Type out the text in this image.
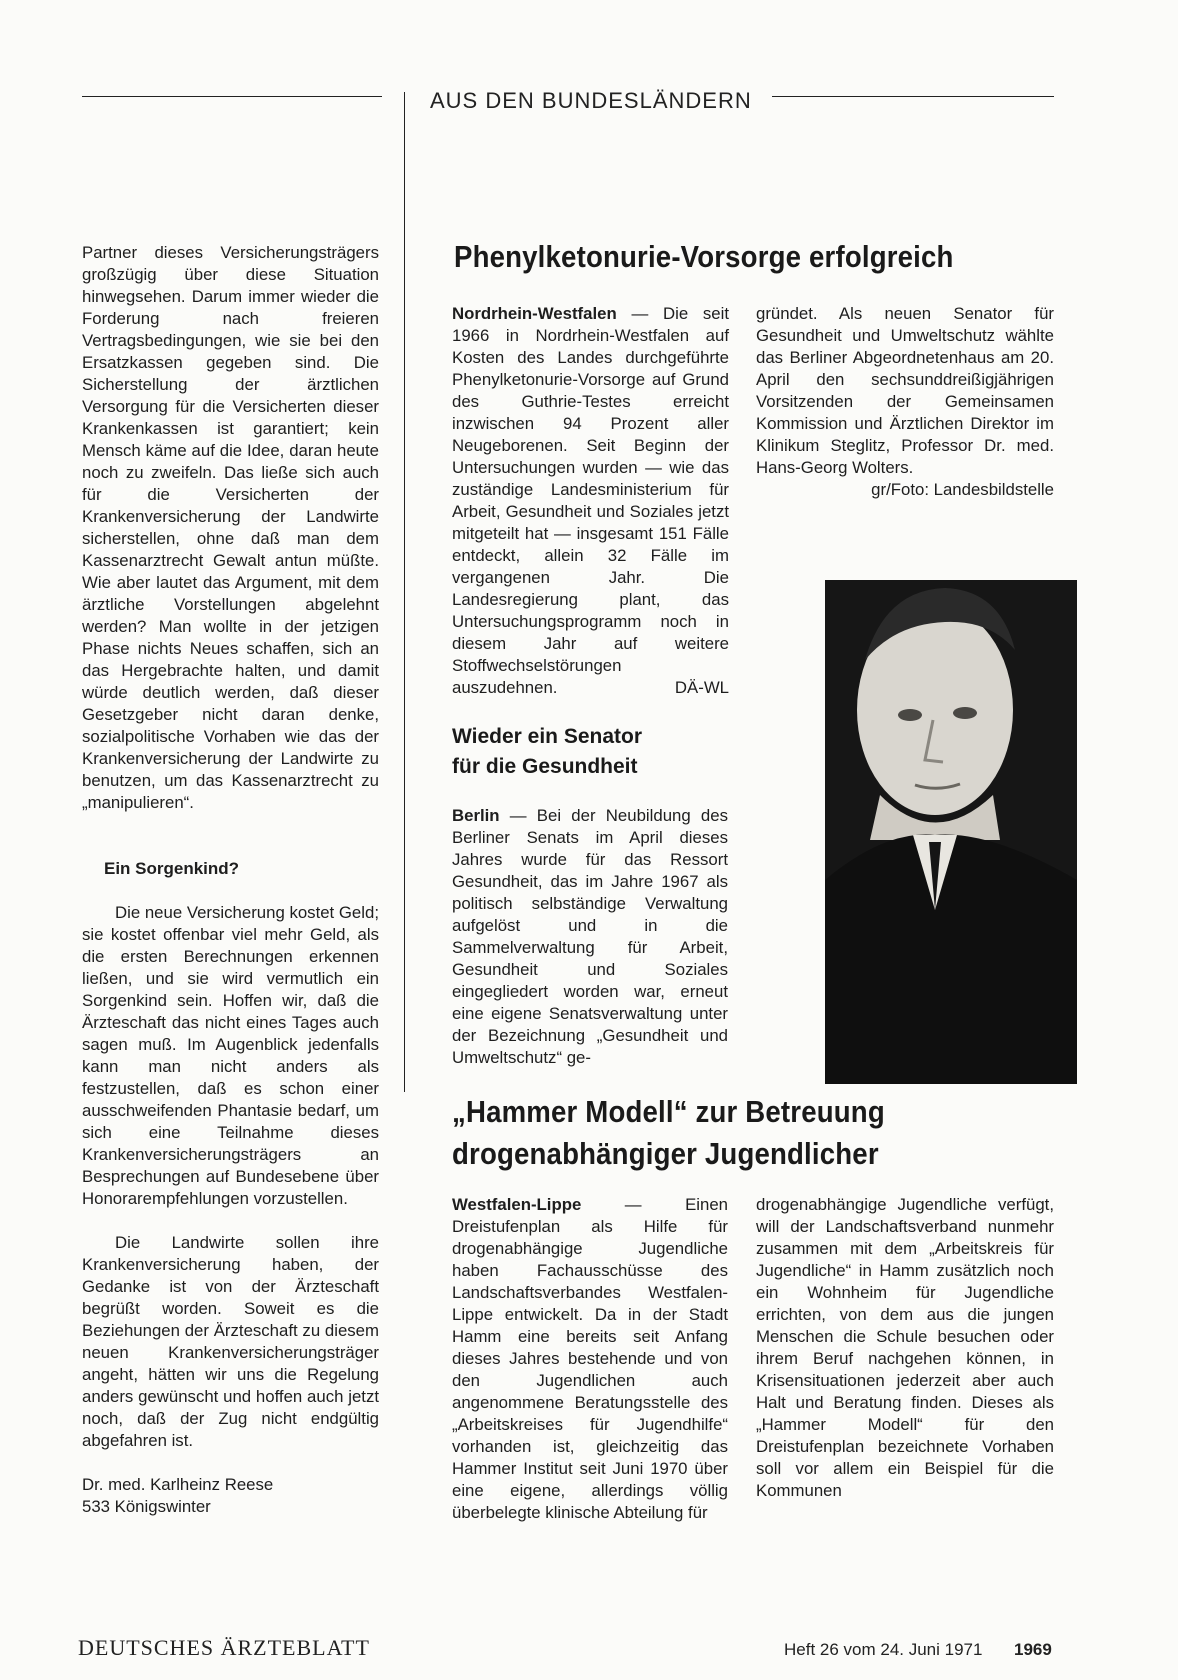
AUS DEN BUNDESLÄNDERN

Partner dieses Versicherungsträgers großzügig über diese Situation hinwegsehen. Darum immer wieder die Forderung nach freieren Vertragsbedingungen, wie sie bei den Ersatzkassen gegeben sind. Die Sicherstellung der ärztlichen Versorgung für die Versicherten dieser Krankenkassen ist garantiert; kein Mensch käme auf die Idee, daran heute noch zu zweifeln. Das ließe sich auch für die Versicherten der Krankenversicherung der Landwirte sicherstellen, ohne daß man dem Kassenarztrecht Gewalt antun müßte. Wie aber lautet das Argument, mit dem ärztliche Vorstellungen abgelehnt werden? Man wollte in der jetzigen Phase nichts Neues schaffen, sich an das Hergebrachte halten, und damit würde deutlich werden, daß dieser Gesetzgeber nicht daran denke, sozialpolitische Vorhaben wie das der Krankenversicherung der Landwirte zu benutzen, um das Kassenarztrecht zu „manipulieren“.

Ein Sorgenkind?

Die neue Versicherung kostet Geld; sie kostet offenbar viel mehr Geld, als die ersten Berechnungen erkennen ließen, und sie wird vermutlich ein Sorgenkind sein. Hoffen wir, daß die Ärzteschaft das nicht eines Tages auch sagen muß. Im Augenblick jedenfalls kann man nicht anders als festzustellen, daß es schon einer ausschweifenden Phantasie bedarf, um sich eine Teilnahme dieses Krankenversicherungsträgers an Besprechungen auf Bundesebene über Honorarempfehlungen vorzustellen.

Die Landwirte sollen ihre Krankenversicherung haben, der Gedanke ist von der Ärzteschaft begrüßt worden. Soweit es die Beziehungen der Ärzteschaft zu diesem neuen Krankenversicherungsträger angeht, hätten wir uns die Regelung anders gewünscht und hoffen auch jetzt noch, daß der Zug nicht endgültig abgefahren ist.

Dr. med. Karlheinz Reese

533 Königswinter

Phenylketonurie-Vorsorge erfolgreich

Nordrhein-Westfalen — Die seit 1966 in Nordrhein-Westfalen auf Kosten des Landes durchgeführte Phenylketonurie-Vorsorge auf Grund des Guthrie-Testes erreicht inzwischen 94 Prozent aller Neugeborenen. Seit Beginn der Untersuchungen wurden — wie das zuständige Landesministerium für Arbeit, Gesundheit und Soziales jetzt mitgeteilt hat — insgesamt 151 Fälle entdeckt, allein 32 Fälle im vergangenen Jahr. Die Landesregierung plant, das Untersuchungsprogramm noch in diesem Jahr auf weitere Stoffwechselstörungen auszudehnen.	DÄ-WL

Wieder ein Senator
für die Gesundheit

Berlin — Bei der Neubildung des Berliner Senats im April dieses Jahres wurde für das Ressort Gesundheit, das im Jahre 1967 als politisch selbständige Verwaltung aufgelöst und in die Sammelverwaltung für Arbeit, Gesundheit und Soziales eingegliedert worden war, erneut eine eigene Senatsverwaltung unter der Bezeichnung „Gesundheit und Umweltschutz“ ge-

gründet. Als neuen Senator für Gesundheit und Umweltschutz wählte das Berliner Abgeordnetenhaus am 20. April den sechsunddreißigjährigen Vorsitzenden der Gemeinsamen Kommission und Ärztlichen Direktor im Klinikum Steglitz, Professor Dr. med. Hans-Georg Wolters.
gr/Foto: Landesbildstelle

„Hammer Modell“ zur Betreuung
drogenabhängiger Jugendlicher

Westfalen-Lippe — Einen Dreistufenplan als Hilfe für drogenabhängige Jugendliche haben Fachausschüsse des Landschaftsverbandes Westfalen-Lippe entwickelt. Da in der Stadt Hamm eine bereits seit Anfang dieses Jahres bestehende und von den Jugendlichen auch angenommene Beratungsstelle des „Arbeitskreises für Jugendhilfe“ vorhanden ist, gleichzeitig das Hammer Institut seit Juni 1970 über eine eigene, allerdings völlig überbelegte klinische Abteilung für

drogenabhängige Jugendliche verfügt, will der Landschaftsverband nunmehr zusammen mit dem „Arbeitskreis für Jugendliche“ in Hamm zusätzlich noch ein Wohnheim für Jugendliche errichten, von dem aus die jungen Menschen die Schule besuchen oder ihrem Beruf nachgehen können, in Krisensituationen jederzeit aber auch Halt und Beratung finden. Dieses als „Hammer Modell“ für den Dreistufenplan bezeichnete Vorhaben soll vor allem ein Beispiel für die Kommunen

DEUTSCHES ÄRZTEBLATT	Heft 26 vom 24. Juni 1971 1969
